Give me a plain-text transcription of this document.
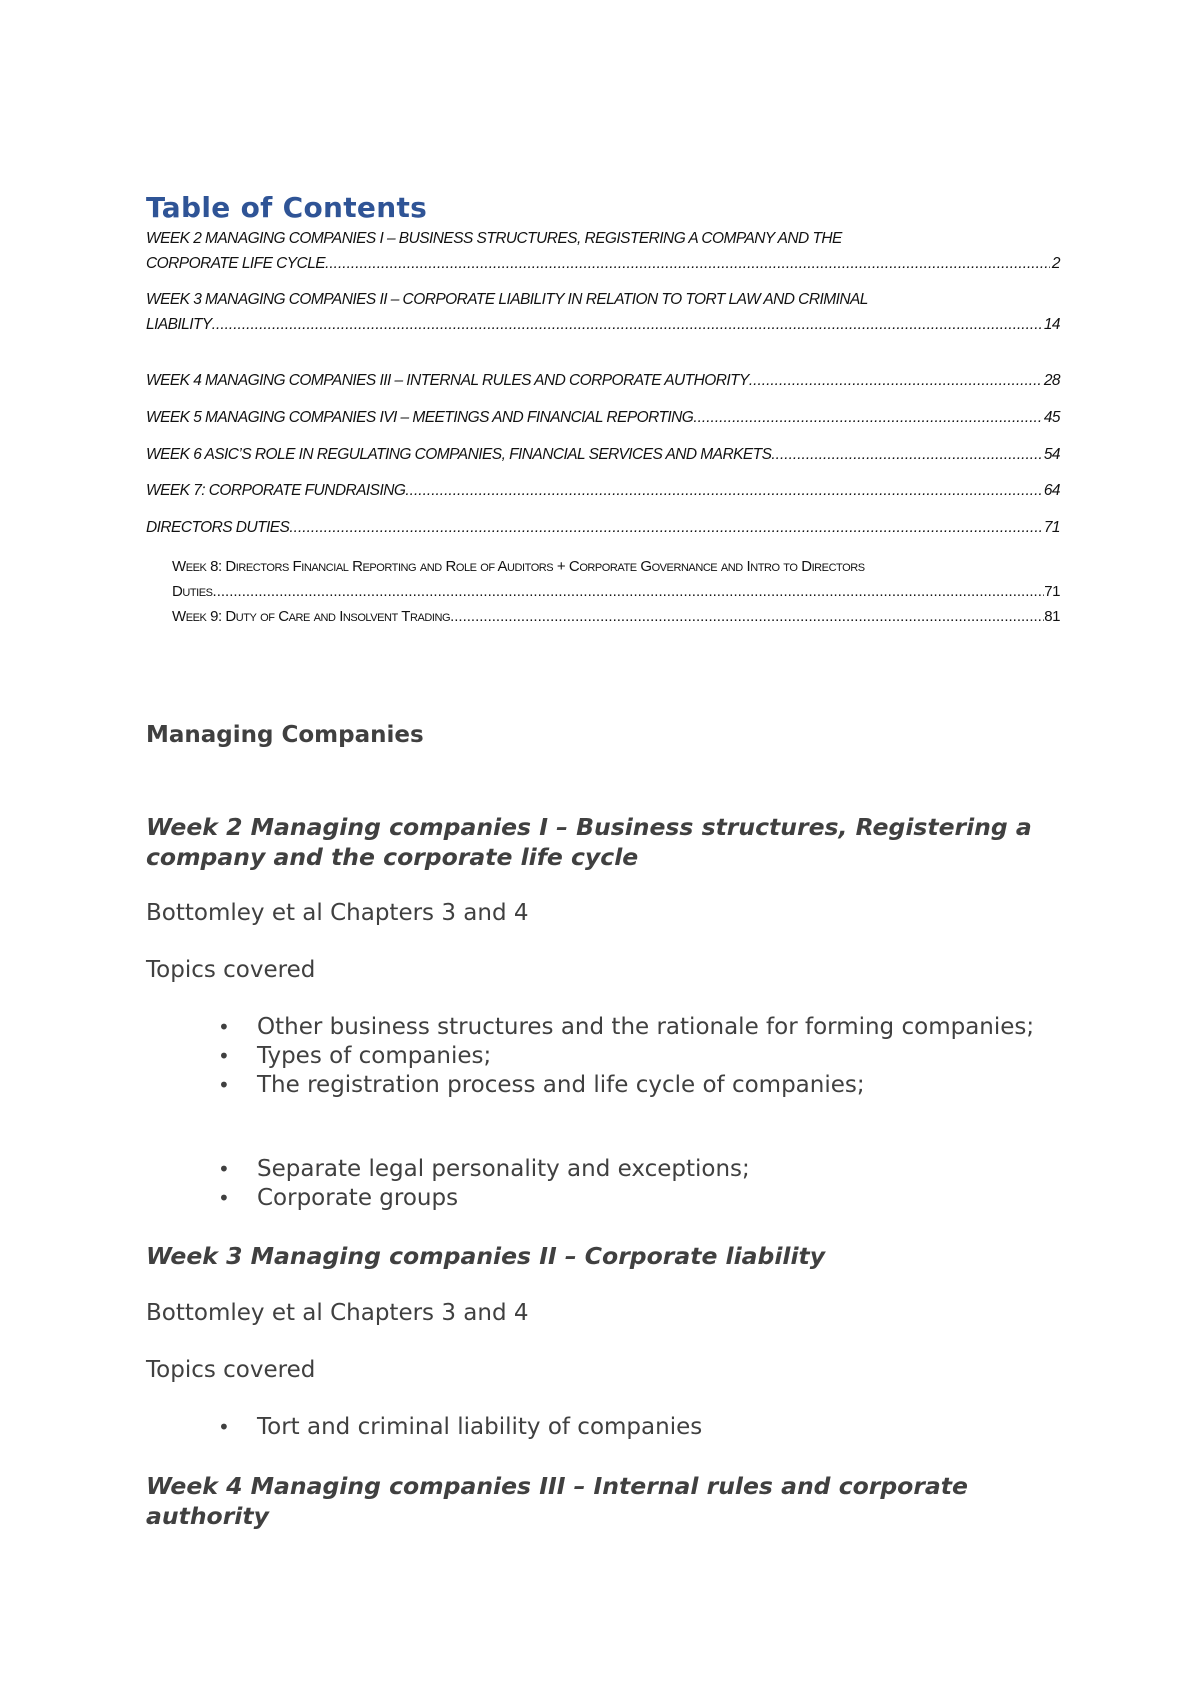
Table of Contents
WEEK 2 MANAGING COMPANIES I – BUSINESS STRUCTURES, REGISTERING A COMPANY AND THE
CORPORATE LIFE CYCLE .....	2
WEEK 3 MANAGING COMPANIES II – CORPORATE LIABILITY IN RELATION TO TORT LAW AND CRIMINAL
LIABILITY .....	14
WEEK 4 MANAGING COMPANIES III – INTERNAL RULES AND CORPORATE AUTHORITY .....	28
WEEK 5 MANAGING COMPANIES IVI – MEETINGS AND FINANCIAL REPORTING .....	45
WEEK 6 ASIC’S ROLE IN REGULATING COMPANIES, FINANCIAL SERVICES AND MARKETS .....	54
WEEK 7: CORPORATE FUNDRAISING .....	64
DIRECTORS DUTIES .....	71
Week 8: Directors Financial Reporting and Role of Auditors + Corporate Governance and Intro to Directors
Duties .....	71
Week 9: Duty of Care and Insolvent Trading .....	81
Managing Companies
Week 2 Managing companies I – Business structures, Registering a company and the corporate life cycle

Bottomley et al Chapters 3 and 4

Topics covered

• Other business structures and the rationale for forming companies;
• Types of companies;
• The registration process and life cycle of companies;
• Separate legal personality and exceptions;
• Corporate groups
Week 3 Managing companies II – Corporate liability

Bottomley et al Chapters 3 and 4

Topics covered

• Tort and criminal liability of companies
Week 4 Managing companies III – Internal rules and corporate authority
